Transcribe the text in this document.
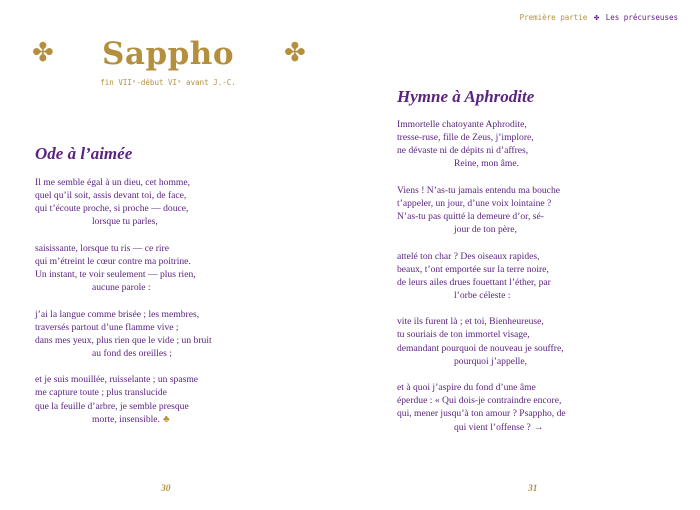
✤	Sappho	✤
fin VIIᵉ-début VIᵉ avant J.-C.
Ode à l’aimée
Il me semble égal à un dieu, cet homme,
quel qu’il soit, assis devant toi, de face,
qui t’écoute proche, si proche — douce,
lorsque tu parles,
saisissante, lorsque tu ris — ce rire
qui m’étreint le cœur contre ma poitrine.
Un instant, te voir seulement — plus rien,
aucune parole :
j’ai la langue comme brisée ; les membres,
traversés partout d’une flamme vive ;
dans mes yeux, plus rien que le vide ; un bruit
au fond des oreilles ;
et je suis mouillée, ruisselante ; un spasme
me capture toute ; plus translucide
que la feuille d’arbre, je semble presque
morte, insensible. ♣
30
Première partie ✤ Les précurseuses
Hymne à Aphrodite
Immortelle chatoyante Aphrodite,
tresse-ruse, fille de Zeus, j’implore,
ne dévaste ni de dépits ni d’affres,
Reine, mon âme.
Viens ! N’as-tu jamais entendu ma bouche
t’appeler, un jour, d’une voix lointaine ?
N’as-tu pas quitté la demeure d’or, sé-
jour de ton père,
attelé ton char ? Des oiseaux rapides,
beaux, t’ont emportée sur la terre noire,
de leurs ailes drues fouettant l’éther, par
l’orbe céleste :
vite ils furent là ; et toi, Bienheureuse,
tu souriais de ton immortel visage,
demandant pourquoi de nouveau je souffre,
pourquoi j’appelle,
et à quoi j’aspire du fond d’une âme
éperdue : « Qui dois-je contraindre encore,
qui, mener jusqu’à ton amour ? Psappho, de
qui vient l’offense ? →
31
